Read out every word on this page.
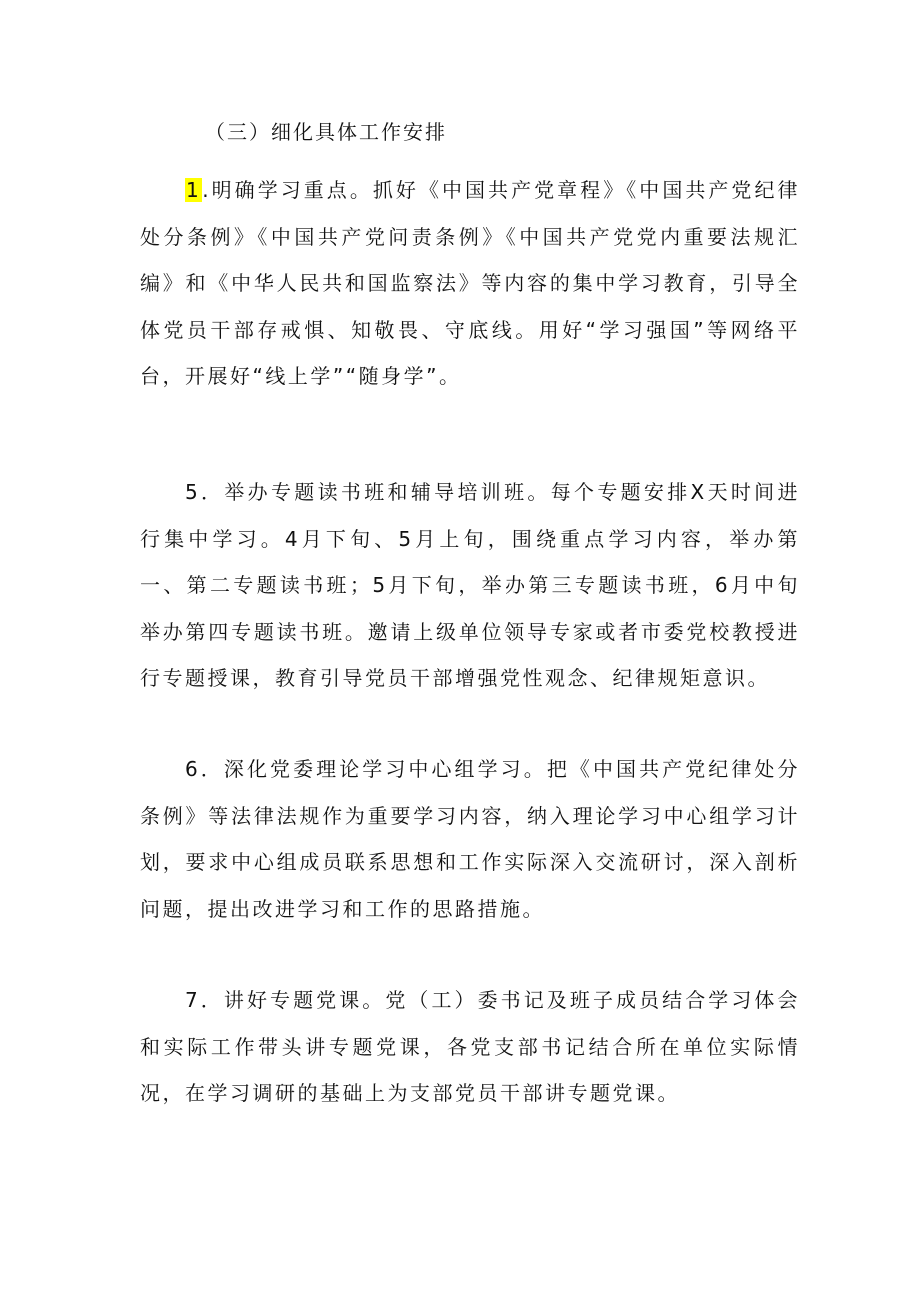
（三）细化具体工作安排

1.明确学习重点。抓好《中国共产党章程》《中国共产党纪律处分条例》《中国共产党问责条例》《中国共产党党内重要法规汇编》和《中华人民共和国监察法》等内容的集中学习教育，引导全体党员干部存戒惧、知敬畏、守底线。用好“学习强国”等网络平台，开展好“线上学”“随身学”。

5．举办专题读书班和辅导培训班。每个专题安排X天时间进行集中学习。4月下旬、5月上旬，围绕重点学习内容，举办第一、第二专题读书班；5月下旬，举办第三专题读书班，6月中旬举办第四专题读书班。邀请上级单位领导专家或者市委党校教授进行专题授课，教育引导党员干部增强党性观念、纪律规矩意识。

6．深化党委理论学习中心组学习。把《中国共产党纪律处分条例》等法律法规作为重要学习内容，纳入理论学习中心组学习计划，要求中心组成员联系思想和工作实际深入交流研讨，深入剖析问题，提出改进学习和工作的思路措施。

7．讲好专题党课。党（工）委书记及班子成员结合学习体会和实际工作带头讲专题党课，各党支部书记结合所在单位实际情况，在学习调研的基础上为支部党员干部讲专题党课。
